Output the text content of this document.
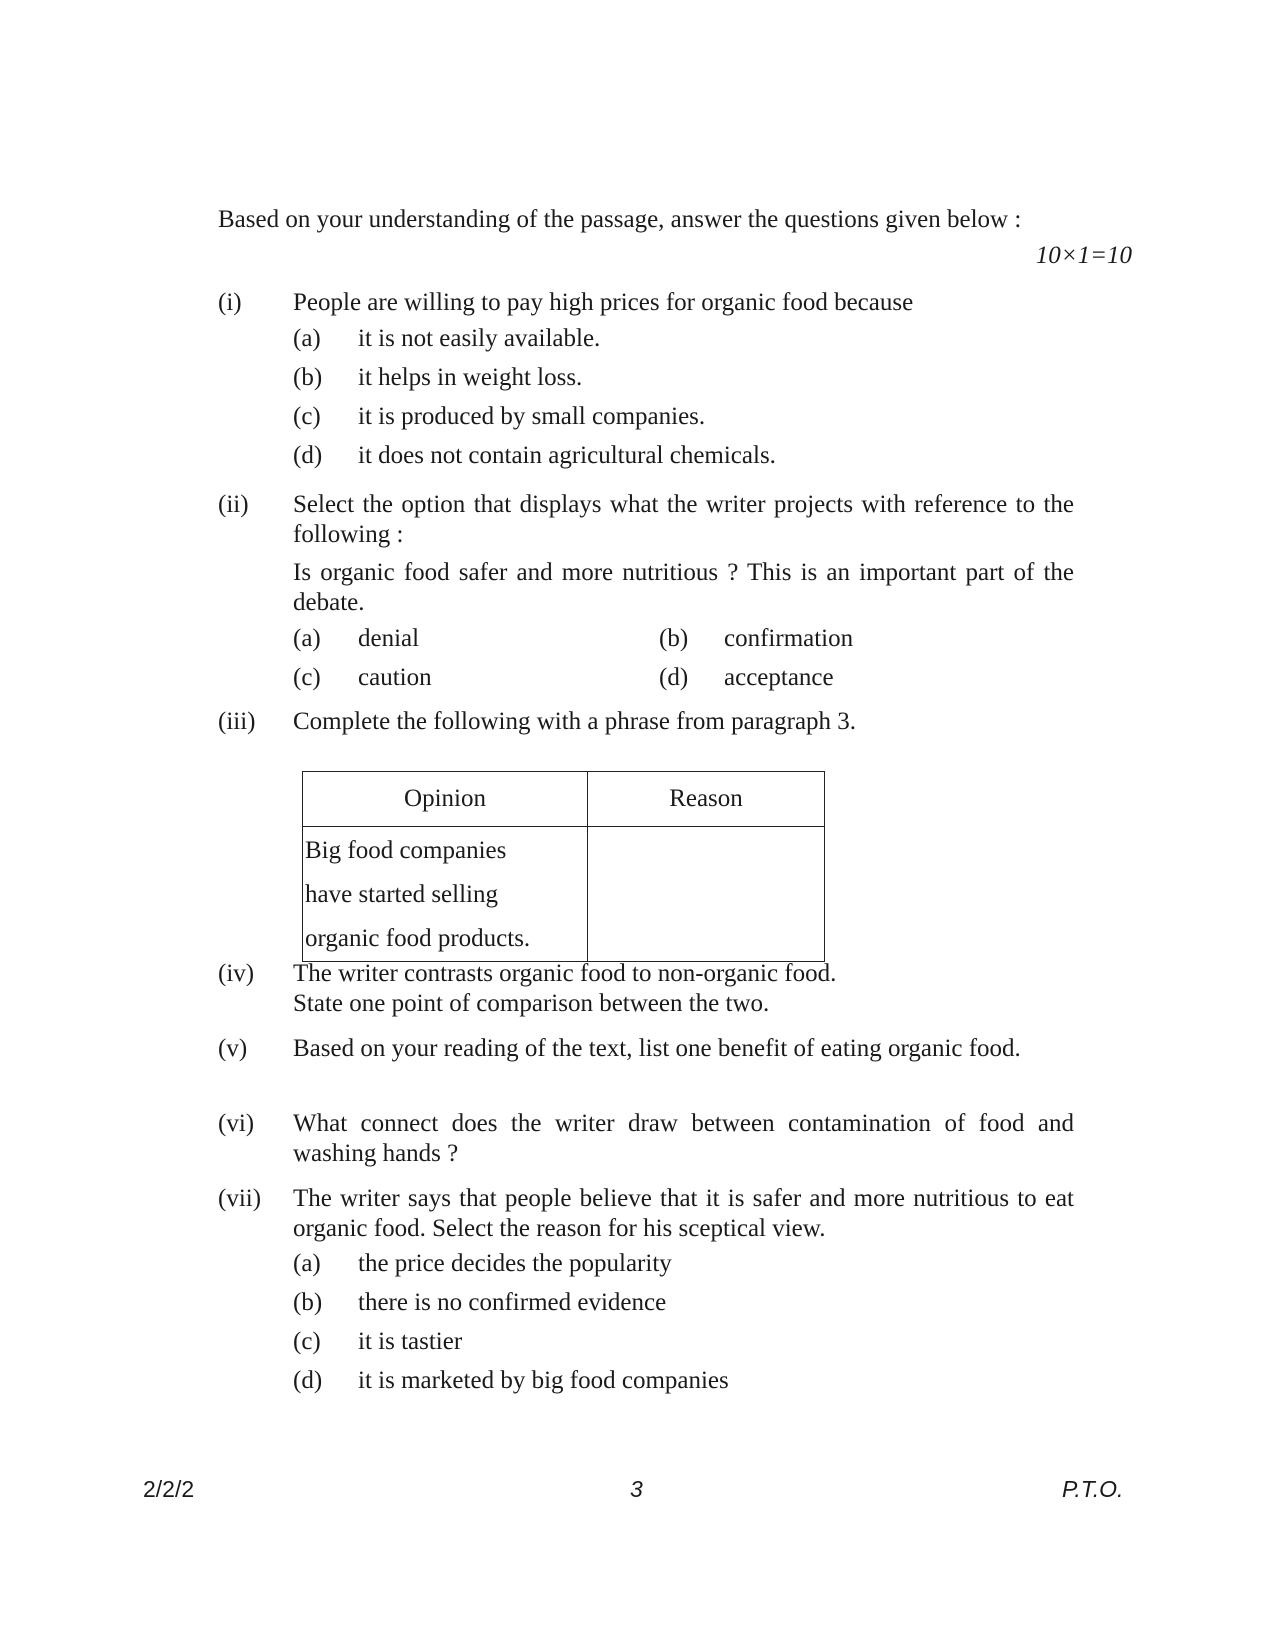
Based on your understanding of the passage, answer the questions given below :
10×1=10
(i) People are willing to pay high prices for organic food because
(a) it is not easily available.
(b) it helps in weight loss.
(c) it is produced by small companies.
(d) it does not contain agricultural chemicals.
(ii) Select the option that displays what the writer projects with reference to the following :
Is organic food safer and more nutritious ? This is an important part of the debate.
(a) denial	(b) confirmation
(c) caution	(d) acceptance
(iii) Complete the following with a phrase from paragraph 3.
Opinion	Reason

Big food companies
have started selling
organic food products.	

(iv) The writer contrasts organic food to non-organic food.
State one point of comparison between the two.
(v) Based on your reading of the text, list one benefit of eating organic food.
(vi) What connect does the writer draw between contamination of food and washing hands ?
(vii) The writer says that people believe that it is safer and more nutritious to eat organic food. Select the reason for his sceptical view.
(a) the price decides the popularity
(b) there is no confirmed evidence
(c) it is tastier
(d) it is marketed by big food companies
2/2/2	3	P.T.O.
